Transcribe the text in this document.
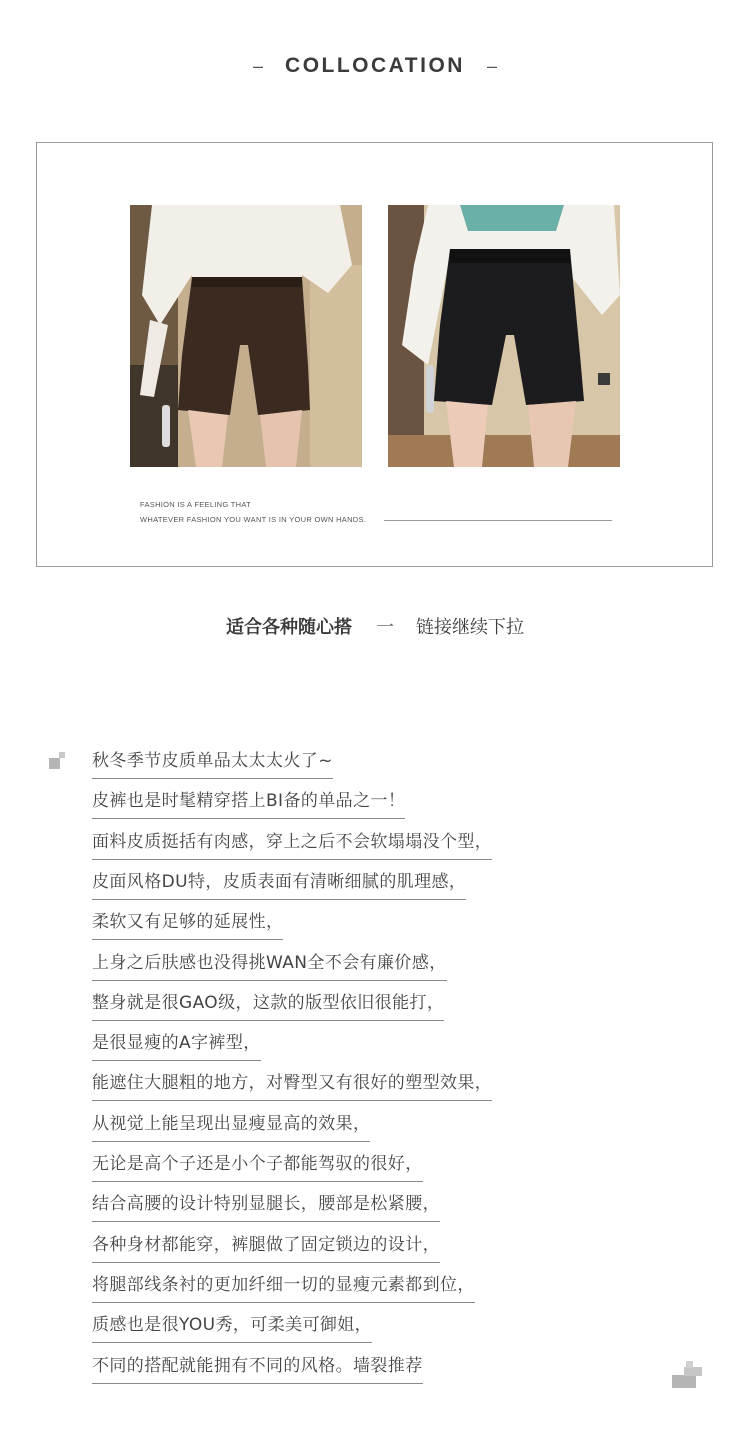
– COLLOCATION –
FASHION IS A FEELING THAT
WHATEVER FASHION YOU WANT IS IN YOUR OWN HANDS.
适合各种随心搭 一 链接继续下拉
秋冬季节皮质单品太太太火了~
皮裤也是时髦精穿搭上BI备的单品之一！
面料皮质挺括有肉感，穿上之后不会软塌塌没个型，
皮面风格DU特，皮质表面有清晰细腻的肌理感，
柔软又有足够的延展性，
上身之后肤感也没得挑WAN全不会有廉价感，
整身就是很GAO级，这款的版型依旧很能打，
是很显瘦的A字裤型，
能遮住大腿粗的地方，对臀型又有很好的塑型效果，
从视觉上能呈现出显瘦显高的效果，
无论是高个子还是小个子都能驾驭的很好，
结合高腰的设计特别显腿长，腰部是松紧腰，
各种身材都能穿，裤腿做了固定锁边的设计，
将腿部线条衬的更加纤细一切的显瘦元素都到位，
质感也是很YOU秀，可柔美可御姐，
不同的搭配就能拥有不同的风格。墙裂推荐
